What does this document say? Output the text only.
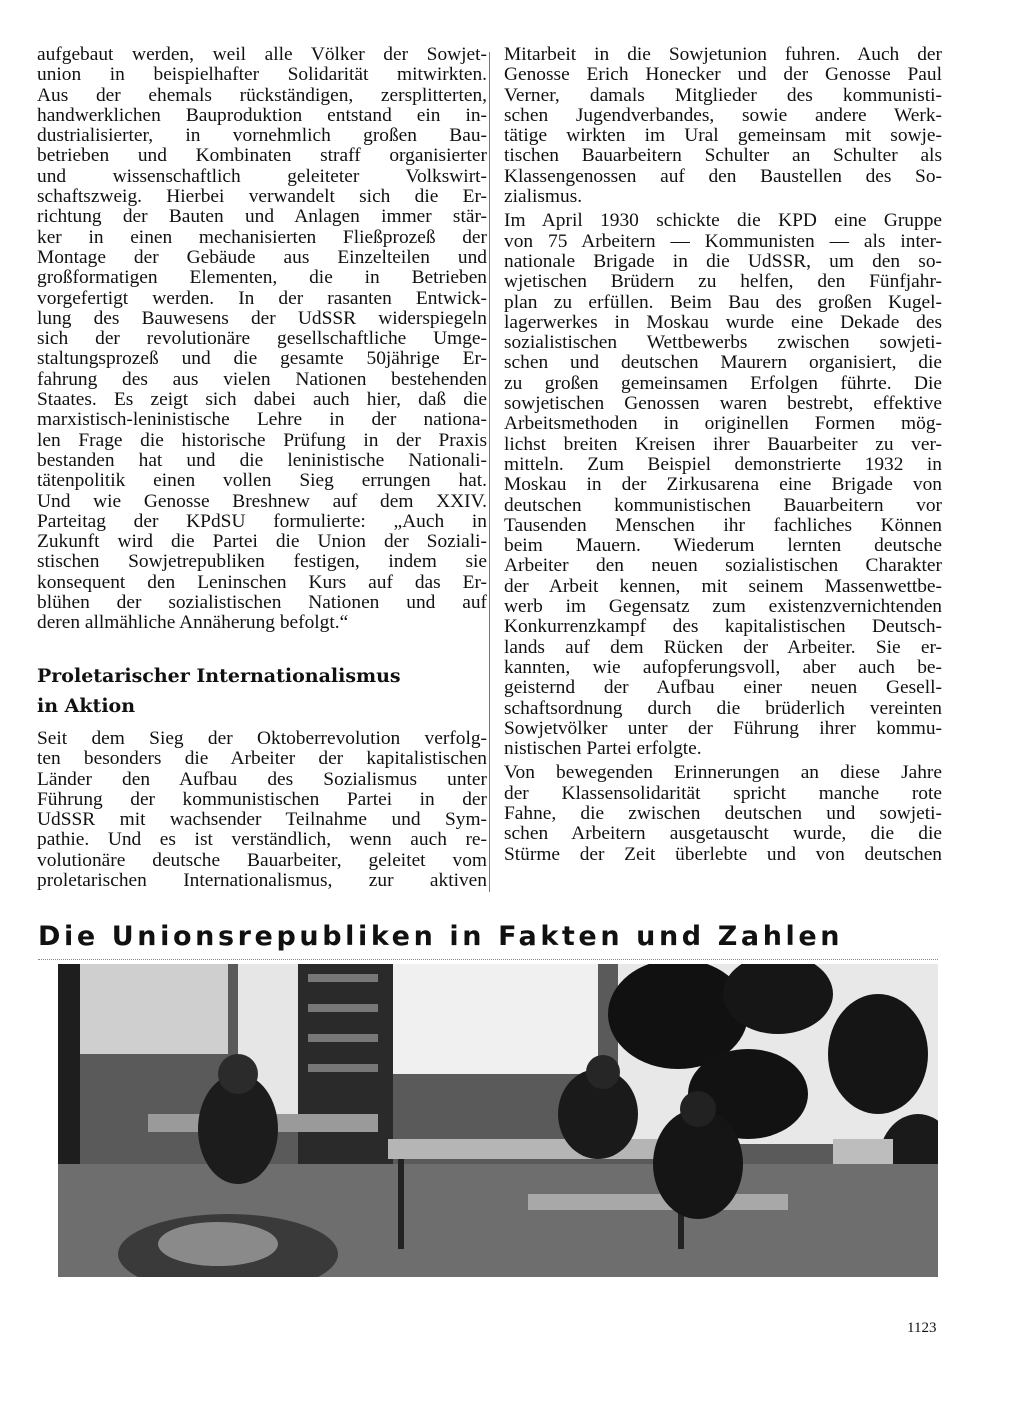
aufgebaut werden, weil alle Völker der Sowjet-
union in beispielhafter Solidarität mitwirkten.
Aus der ehemals rückständigen, zersplitterten,
handwerklichen Bauproduktion entstand ein in-
dustrialisierter, in vornehmlich großen Bau-
betrieben und Kombinaten straff organisierter
und wissenschaftlich geleiteter Volkswirt-
schaftszweig. Hierbei verwandelt sich die Er-
richtung der Bauten und Anlagen immer stär-
ker in einen mechanisierten Fließprozeß der
Montage der Gebäude aus Einzelteilen und
großformatigen Elementen, die in Betrieben
vorgefertigt werden. In der rasanten Entwick-
lung des Bauwesens der UdSSR widerspiegeln
sich der revolutionäre gesellschaftliche Umge-
staltungsprozeß und die gesamte 50jährige Er-
fahrung des aus vielen Nationen bestehenden
Staates. Es zeigt sich dabei auch hier, daß die
marxistisch-leninistische Lehre in der nationa-
len Frage die historische Prüfung in der Praxis
bestanden hat und die leninistische Nationali-
tätenpolitik einen vollen Sieg errungen hat.
Und wie Genosse Breshnew auf dem XXIV.
Parteitag der KPdSU formulierte: „Auch in
Zukunft wird die Partei die Union der Soziali-
stischen Sowjetrepubliken festigen, indem sie
konsequent den Leninschen Kurs auf das Er-
blühen der sozialistischen Nationen und auf
deren allmähliche Annäherung befolgt.“
Proletarischer Internationalismus
in Aktion
Seit dem Sieg der Oktoberrevolution verfolg-
ten besonders die Arbeiter der kapitalistischen
Länder den Aufbau des Sozialismus unter
Führung der kommunistischen Partei in der
UdSSR mit wachsender Teilnahme und Sym-
pathie. Und es ist verständlich, wenn auch re-
volutionäre deutsche Bauarbeiter, geleitet vom
proletarischen Internationalismus, zur aktiven
Mitarbeit in die Sowjetunion fuhren. Auch der
Genosse Erich Honecker und der Genosse Paul
Verner, damals Mitglieder des kommunisti-
schen Jugendverbandes, sowie andere Werk-
tätige wirkten im Ural gemeinsam mit sowje-
tischen Bauarbeitern Schulter an Schulter als
Klassengenossen auf den Baustellen des So-
zialismus.
Im April 1930 schickte die KPD eine Gruppe
von 75 Arbeitern — Kommunisten — als inter-
nationale Brigade in die UdSSR, um den so-
wjetischen Brüdern zu helfen, den Fünfjahr-
plan zu erfüllen. Beim Bau des großen Kugel-
lagerwerkes in Moskau wurde eine Dekade des
sozialistischen Wettbewerbs zwischen sowjeti-
schen und deutschen Maurern organisiert, die
zu großen gemeinsamen Erfolgen führte. Die
sowjetischen Genossen waren bestrebt, effektive
Arbeitsmethoden in originellen Formen mög-
lichst breiten Kreisen ihrer Bauarbeiter zu ver-
mitteln. Zum Beispiel demonstrierte 1932 in
Moskau in der Zirkusarena eine Brigade von
deutschen kommunistischen Bauarbeitern vor
Tausenden Menschen ihr fachliches Können
beim Mauern. Wiederum lernten deutsche
Arbeiter den neuen sozialistischen Charakter
der Arbeit kennen, mit seinem Massenwettbe-
werb im Gegensatz zum existenzvernichtenden
Konkurrenzkampf des kapitalistischen Deutsch-
lands auf dem Rücken der Arbeiter. Sie er-
kannten, wie aufopferungsvoll, aber auch be-
geisternd der Aufbau einer neuen Gesell-
schaftsordnung durch die brüderlich vereinten
Sowjetvölker unter der Führung ihrer kommu-
nistischen Partei erfolgte.
Von bewegenden Erinnerungen an diese Jahre
der Klassensolidarität spricht manche rote
Fahne, die zwischen deutschen und sowjeti-
schen Arbeitern ausgetauscht wurde, die die
Stürme der Zeit überlebte und von deutschen
Die Unionsrepubliken in Fakten und Zahlen
1123
